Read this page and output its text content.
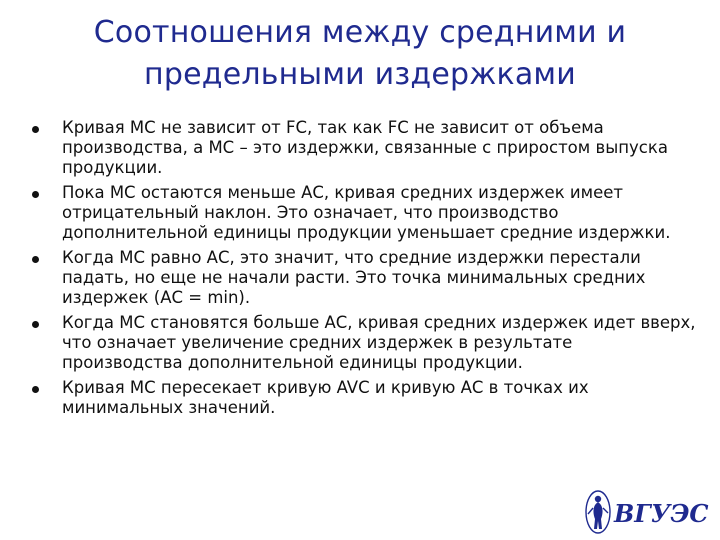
Соотношения между средними и предельными издержками
Кривая МС не зависит от FC, так как FC не зависит от объема производства, а МС – это издержки, связанные с приростом выпуска продукции.
Пока МС остаются меньше АС, кривая средних издержек имеет отрицательный наклон. Это означает, что производство дополнительной единицы продукции уменьшает средние издержки.
Когда МС равно АС, это значит, что средние издержки перестали падать, но еще не начали расти. Это точка минимальных средних издержек (АС = min).
Когда МС становятся больше АС, кривая средних издержек идет вверх, что означает увеличение средних издержек в результате производства дополнительной единицы продукции.
Кривая МС пересекает кривую AVC и кривую АС в точках их минимальных значений.
ВГУЭС
